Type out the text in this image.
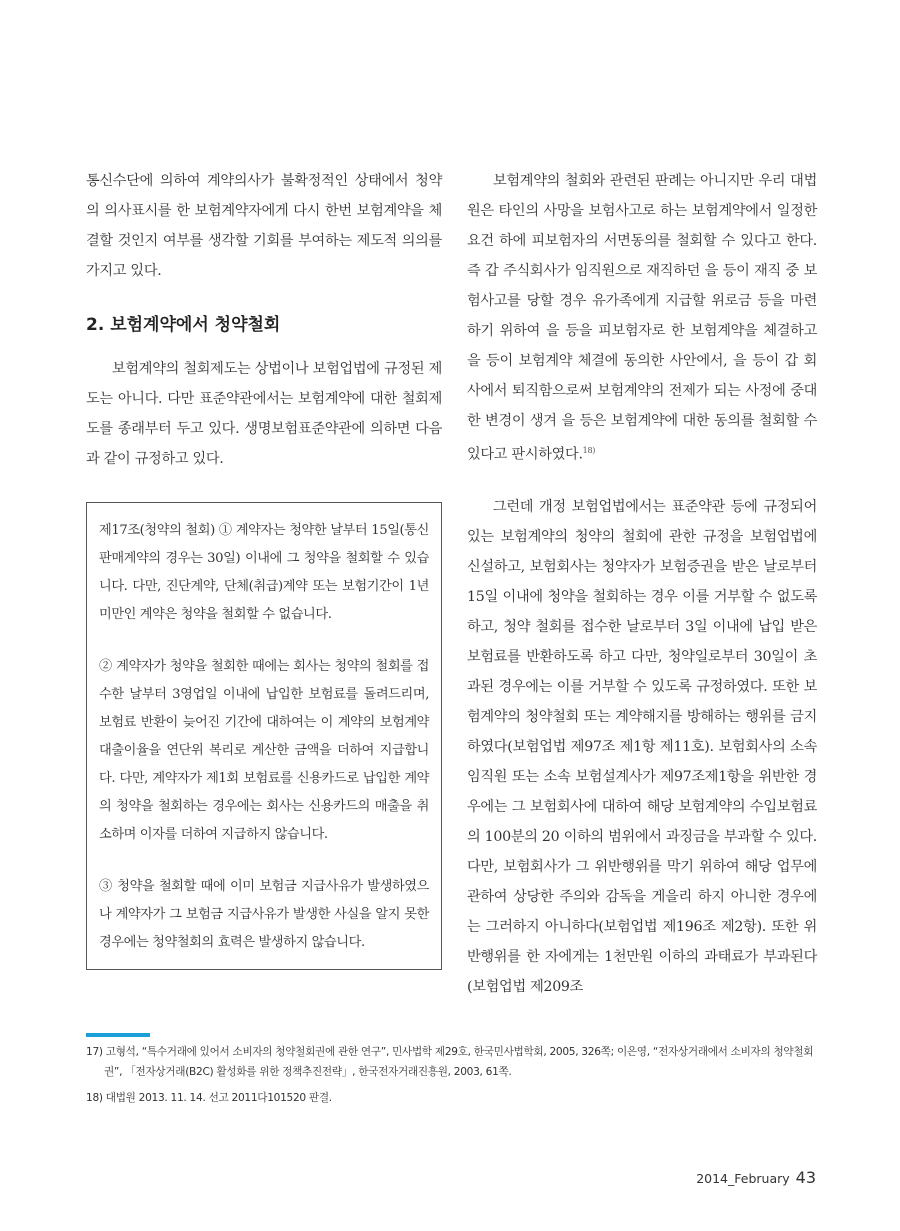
통신수단에 의하여 계약의사가 불확정적인 상태에서 청약의 의사표시를 한 보험계약자에게 다시 한번 보험계약을 체결할 것인지 여부를 생각할 기회를 부여하는 제도적 의의를 가지고 있다.

2. 보험계약에서 청약철회

보험계약의 철회제도는 상법이나 보험업법에 규정된 제도는 아니다. 다만 표준약관에서는 보험계약에 대한 철회제도를 종래부터 두고 있다. 생명보험표준약관에 의하면 다음과 같이 규정하고 있다.

제17조(청약의 철회) ① 계약자는 청약한 날부터 15일(통신판매계약의 경우는 30일) 이내에 그 청약을 철회할 수 있습니다. 다만, 진단계약, 단체(취급)계약 또는 보험기간이 1년 미만인 계약은 청약을 철회할 수 없습니다.

② 계약자가 청약을 철회한 때에는 회사는 청약의 철회를 접수한 날부터 3영업일 이내에 납입한 보험료를 돌려드리며, 보험료 반환이 늦어진 기간에 대하여는 이 계약의 보험계약대출이율을 연단위 복리로 계산한 금액을 더하여 지급합니다. 다만, 계약자가 제1회 보험료를 신용카드로 납입한 계약의 청약을 철회하는 경우에는 회사는 신용카드의 매출을 취소하며 이자를 더하여 지급하지 않습니다.

③ 청약을 철회할 때에 이미 보험금 지급사유가 발생하였으나 계약자가 그 보험금 지급사유가 발생한 사실을 알지 못한 경우에는 청약철회의 효력은 발생하지 않습니다.

보험계약의 철회와 관련된 판례는 아니지만 우리 대법원은 타인의 사망을 보험사고로 하는 보험계약에서 일정한 요건 하에 피보험자의 서면동의를 철회할 수 있다고 한다. 즉 갑 주식회사가 임직원으로 재직하던 을 등이 재직 중 보험사고를 당할 경우 유가족에게 지급할 위로금 등을 마련하기 위하여 을 등을 피보험자로 한 보험계약을 체결하고 을 등이 보험계약 체결에 동의한 사안에서, 을 등이 갑 회사에서 퇴직함으로써 보험계약의 전제가 되는 사정에 중대한 변경이 생겨 을 등은 보험계약에 대한 동의를 철회할 수 있다고 판시하였다.$^{18)}$

그런데 개정 보험업법에서는 표준약관 등에 규정되어 있는 보험계약의 청약의 철회에 관한 규정을 보험업법에 신설하고, 보험회사는 청약자가 보험증권을 받은 날로부터 15일 이내에 청약을 철회하는 경우 이를 거부할 수 없도록 하고, 청약 철회를 접수한 날로부터 3일 이내에 납입 받은 보험료를 반환하도록 하고 다만, 청약일로부터 30일이 초과된 경우에는 이를 거부할 수 있도록 규정하였다. 또한 보험계약의 청약철회 또는 계약해지를 방해하는 행위를 금지하였다(보험업법 제97조 제1항 제11호). 보험회사의 소속 임직원 또는 소속 보험설계사가 제97조제1항을 위반한 경우에는 그 보험회사에 대하여 해당 보험계약의 수입보험료의 100분의 20 이하의 범위에서 과징금을 부과할 수 있다. 다만, 보험회사가 그 위반행위를 막기 위하여 해당 업무에 관하여 상당한 주의와 감독을 게을리 하지 아니한 경우에는 그러하지 아니하다(보험업법 제196조 제2항). 또한 위반행위를 한 자에게는 1천만원 이하의 과태료가 부과된다(보험업법 제209조

17) 고형석, “특수거래에 있어서 소비자의 청약철회권에 관한 연구”, 민사법학 제29호, 한국민사법학회, 2005, 326쪽; 이은영, “전자상거래에서 소비자의 청약철회권”, 「전자상거래(B2C) 활성화를 위한 정책추진전략」, 한국전자거래진흥원, 2003, 61쪽.

18) 대법원 2013. 11. 14. 선고 2011다101520 판결.

2014_February 43
